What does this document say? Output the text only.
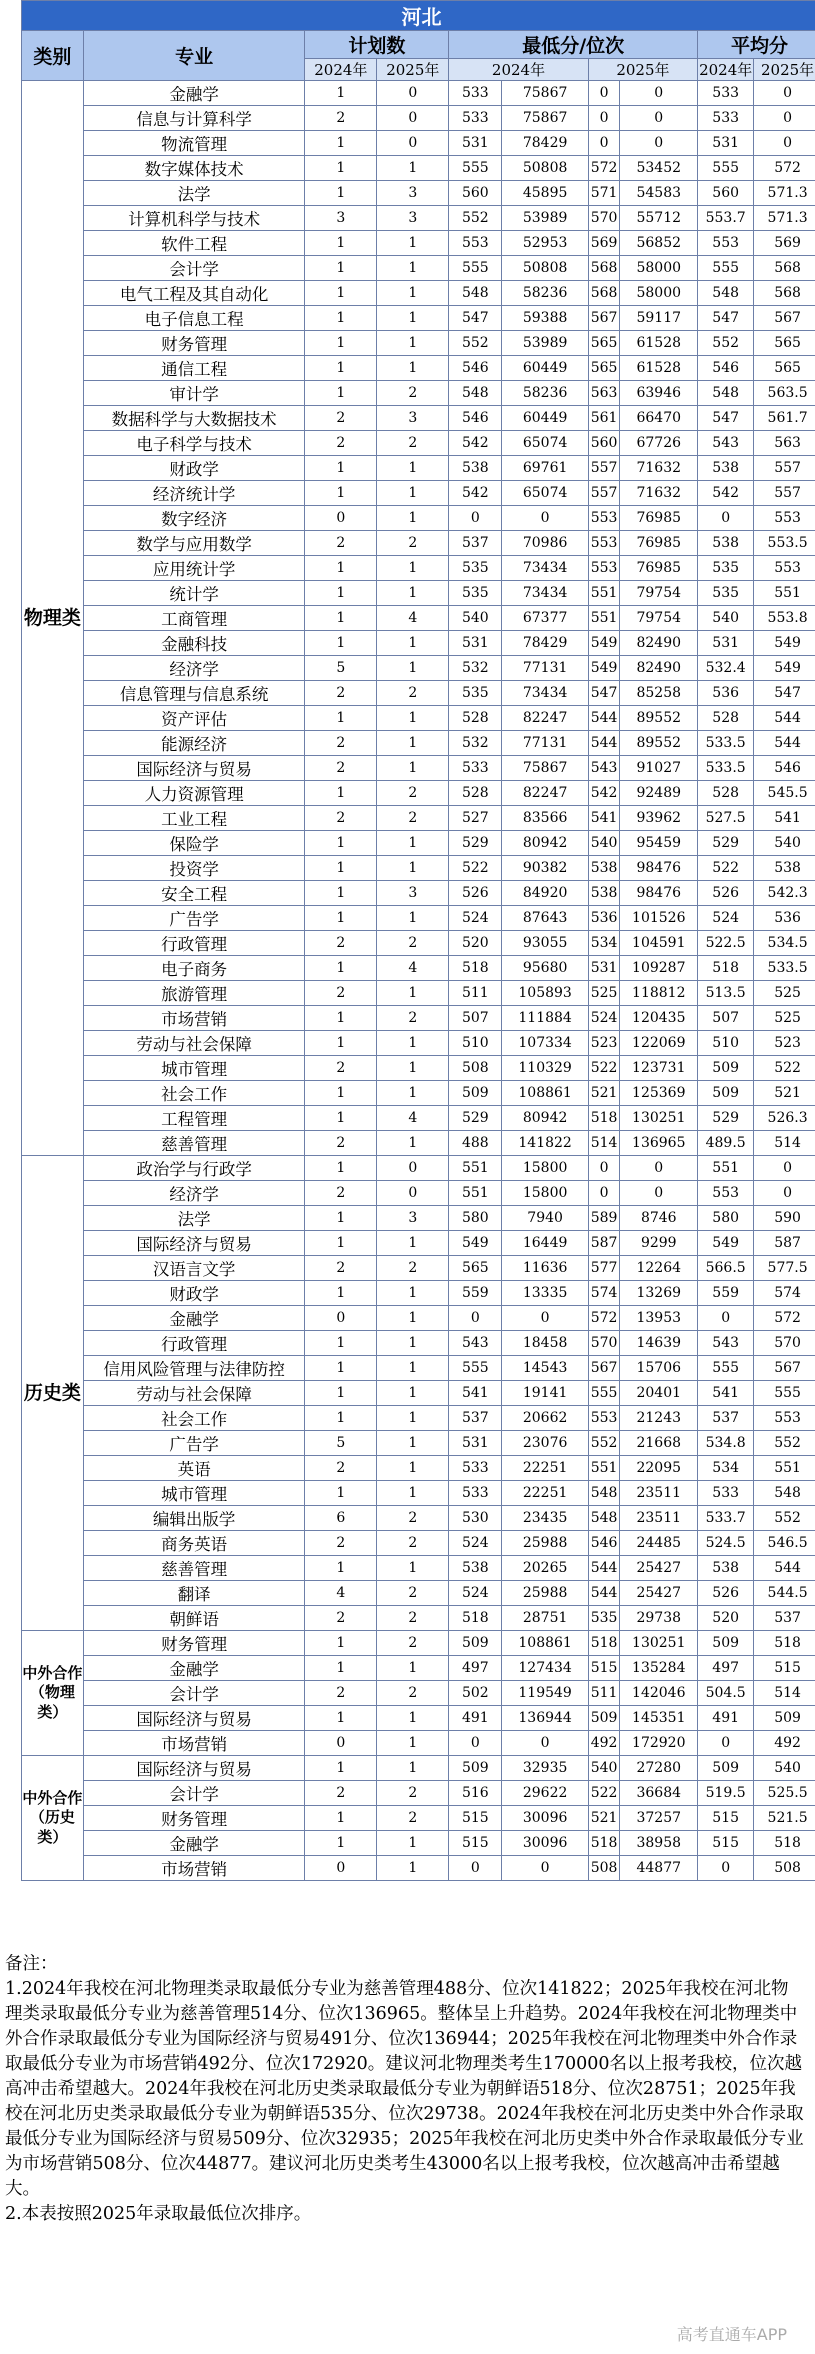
河北									
类别	专业	计划数		最低分/位次				平均分	
		2024年	2025年	2024年		2025年		2024年	2025年
物理类	金融学	1	0	533	75867	0	0	533	0
	信息与计算科学	2	0	533	75867	0	0	533	0
	物流管理	1	0	531	78429	0	0	531	0
	数字媒体技术	1	1	555	50808	572	53452	555	572
	法学	1	3	560	45895	571	54583	560	571.3
	计算机科学与技术	3	3	552	53989	570	55712	553.7	571.3
	软件工程	1	1	553	52953	569	56852	553	569
	会计学	1	1	555	50808	568	58000	555	568
	电气工程及其自动化	1	1	548	58236	568	58000	548	568
	电子信息工程	1	1	547	59388	567	59117	547	567
	财务管理	1	1	552	53989	565	61528	552	565
	通信工程	1	1	546	60449	565	61528	546	565
	审计学	1	2	548	58236	563	63946	548	563.5
	数据科学与大数据技术	2	3	546	60449	561	66470	547	561.7
	电子科学与技术	2	2	542	65074	560	67726	543	563
	财政学	1	1	538	69761	557	71632	538	557
	经济统计学	1	1	542	65074	557	71632	542	557
	数字经济	0	1	0	0	553	76985	0	553
	数学与应用数学	2	2	537	70986	553	76985	538	553.5
	应用统计学	1	1	535	73434	553	76985	535	553
	统计学	1	1	535	73434	551	79754	535	551
	工商管理	1	4	540	67377	551	79754	540	553.8
	金融科技	1	1	531	78429	549	82490	531	549
	经济学	5	1	532	77131	549	82490	532.4	549
	信息管理与信息系统	2	2	535	73434	547	85258	536	547
	资产评估	1	1	528	82247	544	89552	528	544
	能源经济	2	1	532	77131	544	89552	533.5	544
	国际经济与贸易	2	1	533	75867	543	91027	533.5	546
	人力资源管理	1	2	528	82247	542	92489	528	545.5
	工业工程	2	2	527	83566	541	93962	527.5	541
	保险学	1	1	529	80942	540	95459	529	540
	投资学	1	1	522	90382	538	98476	522	538
	安全工程	1	3	526	84920	538	98476	526	542.3
	广告学	1	1	524	87643	536	101526	524	536
	行政管理	2	2	520	93055	534	104591	522.5	534.5
	电子商务	1	4	518	95680	531	109287	518	533.5
	旅游管理	2	1	511	105893	525	118812	513.5	525
	市场营销	1	2	507	111884	524	120435	507	525
	劳动与社会保障	1	1	510	107334	523	122069	510	523
	城市管理	2	1	508	110329	522	123731	509	522
	社会工作	1	1	509	108861	521	125369	509	521
	工程管理	1	4	529	80942	518	130251	529	526.3
	慈善管理	2	1	488	141822	514	136965	489.5	514
历史类	政治学与行政学	1	0	551	15800	0	0	551	0
	经济学	2	0	551	15800	0	0	553	0
	法学	1	3	580	7940	589	8746	580	590
	国际经济与贸易	1	1	549	16449	587	9299	549	587
	汉语言文学	2	2	565	11636	577	12264	566.5	577.5
	财政学	1	1	559	13335	574	13269	559	574
	金融学	0	1	0	0	572	13953	0	572
	行政管理	1	1	543	18458	570	14639	543	570
	信用风险管理与法律防控	1	1	555	14543	567	15706	555	567
	劳动与社会保障	1	1	541	19141	555	20401	541	555
	社会工作	1	1	537	20662	553	21243	537	553
	广告学	5	1	531	23076	552	21668	534.8	552
	英语	2	1	533	22251	551	22095	534	551
	城市管理	1	1	533	22251	548	23511	533	548
	编辑出版学	6	2	530	23435	548	23511	533.7	552
	商务英语	2	2	524	25988	546	24485	524.5	546.5
	慈善管理	1	1	538	20265	544	25427	538	544
	翻译	4	2	524	25988	544	25427	526	544.5
	朝鲜语	2	2	518	28751	535	29738	520	537
中外合作（物理类）	财务管理	1	2	509	108861	518	130251	509	518
	金融学	1	1	497	127434	515	135284	497	515
	会计学	2	2	502	119549	511	142046	504.5	514
	国际经济与贸易	1	1	491	136944	509	145351	491	509
	市场营销	0	1	0	0	492	172920	0	492
中外合作（历史类）	国际经济与贸易	1	1	509	32935	540	27280	509	540
	会计学	2	2	516	29622	522	36684	519.5	525.5
	财务管理	1	2	515	30096	521	37257	515	521.5
	金融学	1	1	515	30096	518	38958	515	518
	市场营销	0	1	0	0	508	44877	0	508

备注：

1.2024年我校在河北物理类录取最低分专业为慈善管理488分、位次141822；2025年我校在河北物理类录取最低分专业为慈善管理514分、位次136965。整体呈上升趋势。2024年我校在河北物理类中外合作录取最低分专业为国际经济与贸易491分、位次136944；2025年我校在河北物理类中外合作录取最低分专业为市场营销492分、位次172920。建议河北物理类考生170000名以上报考我校，位次越高冲击希望越大。2024年我校在河北历史类录取最低分专业为朝鲜语518分、位次28751；2025年我校在河北历史类录取最低分专业为朝鲜语535分、位次29738。2024年我校在河北历史类中外合作录取最低分专业为国际经济与贸易509分、位次32935；2025年我校在河北历史类中外合作录取最低分专业为市场营销508分、位次44877。建议河北历史类考生43000名以上报考我校，位次越高冲击希望越大。

2.本表按照2025年录取最低位次排序。

高考直通车APP
